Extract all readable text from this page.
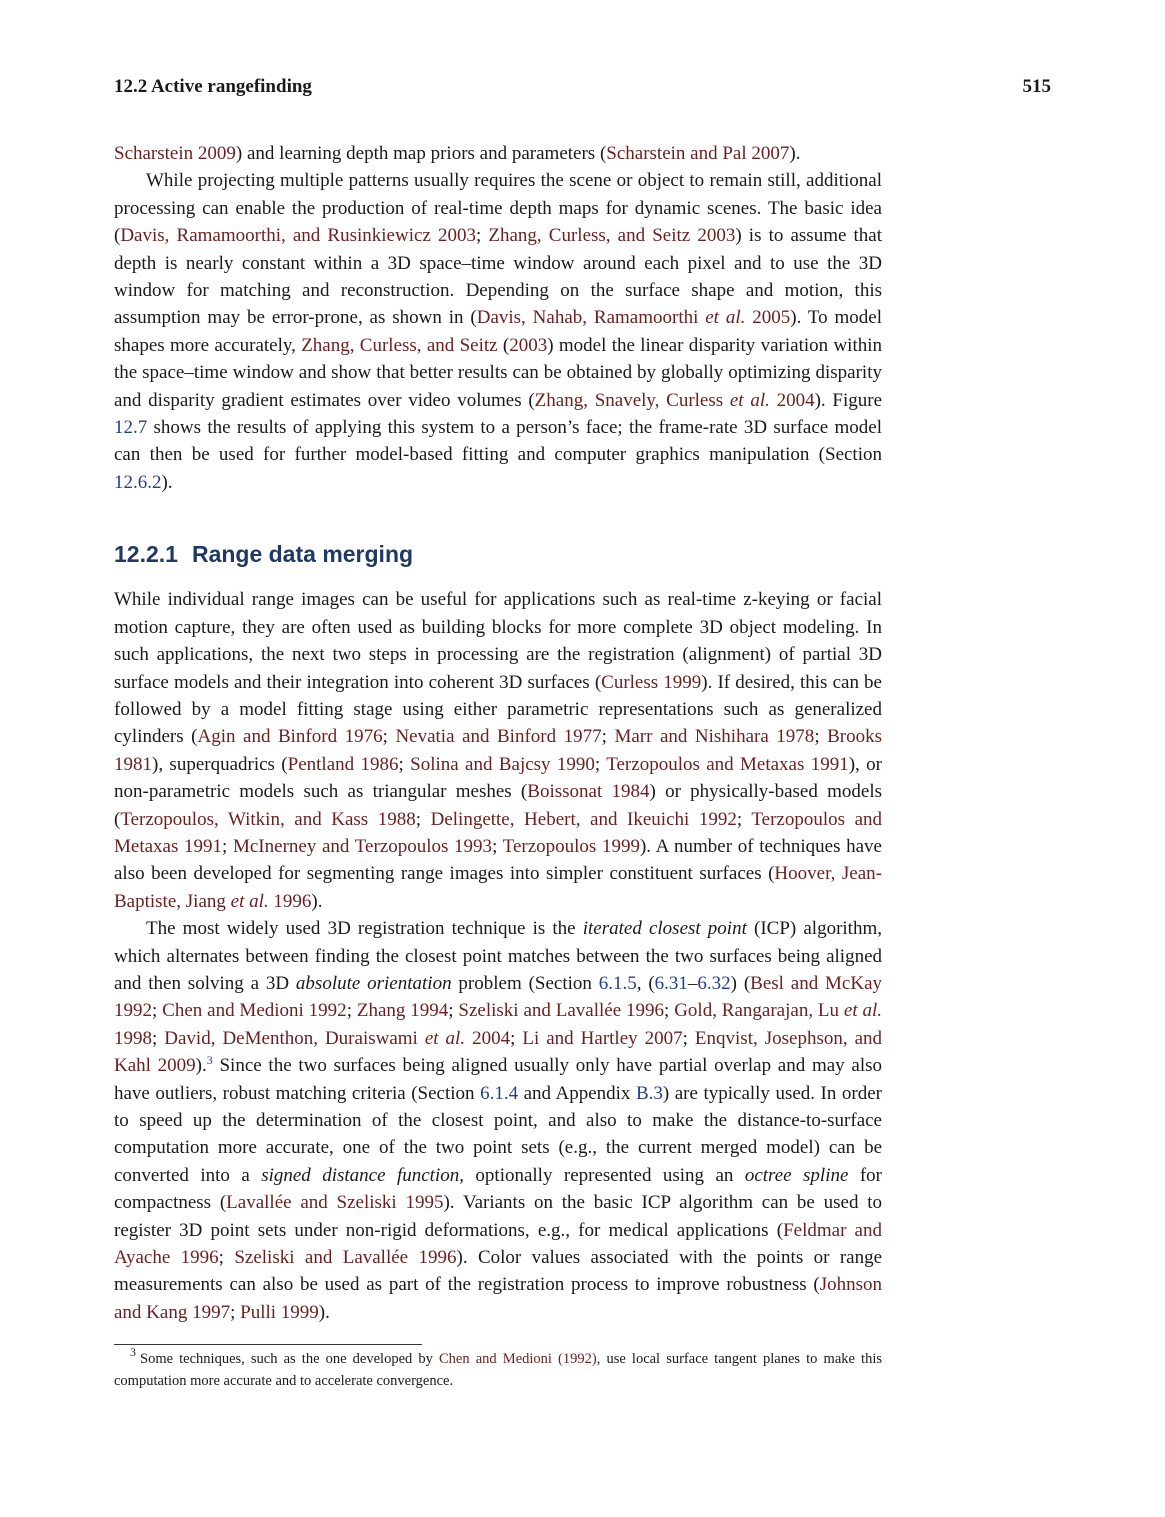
12.2 Active rangefinding	515

Scharstein 2009) and learning depth map priors and parameters (Scharstein and Pal 2007).

While projecting multiple patterns usually requires the scene or object to remain still, additional processing can enable the production of real-time depth maps for dynamic scenes. The basic idea (Davis, Ramamoorthi, and Rusinkiewicz 2003; Zhang, Curless, and Seitz 2003) is to assume that depth is nearly constant within a 3D space–time window around each pixel and to use the 3D window for matching and reconstruction. Depending on the surface shape and motion, this assumption may be error-prone, as shown in (Davis, Nahab, Ramamoorthi et al. 2005). To model shapes more accurately, Zhang, Curless, and Seitz (2003) model the linear disparity variation within the space–time window and show that better results can be obtained by globally optimizing disparity and disparity gradient estimates over video volumes (Zhang, Snavely, Curless et al. 2004). Figure 12.7 shows the results of applying this system to a person’s face; the frame-rate 3D surface model can then be used for further model-based fitting and computer graphics manipulation (Section 12.6.2).

12.2.1 Range data merging

While individual range images can be useful for applications such as real-time z-keying or facial motion capture, they are often used as building blocks for more complete 3D object modeling. In such applications, the next two steps in processing are the registration (alignment) of partial 3D surface models and their integration into coherent 3D surfaces (Curless 1999). If desired, this can be followed by a model fitting stage using either parametric representations such as generalized cylinders (Agin and Binford 1976; Nevatia and Binford 1977; Marr and Nishihara 1978; Brooks 1981), superquadrics (Pentland 1986; Solina and Bajcsy 1990; Terzopoulos and Metaxas 1991), or non-parametric models such as triangular meshes (Boissonat 1984) or physically-based models (Terzopoulos, Witkin, and Kass 1988; Delingette, Hebert, and Ikeuichi 1992; Terzopoulos and Metaxas 1991; McInerney and Terzopoulos 1993; Terzopoulos 1999). A number of techniques have also been developed for segmenting range images into simpler constituent surfaces (Hoover, Jean-Baptiste, Jiang et al. 1996).

The most widely used 3D registration technique is the iterated closest point (ICP) algorithm, which alternates between finding the closest point matches between the two surfaces being aligned and then solving a 3D absolute orientation problem (Section 6.1.5, (6.31–6.32) (Besl and McKay 1992; Chen and Medioni 1992; Zhang 1994; Szeliski and Lavallée 1996; Gold, Rangarajan, Lu et al. 1998; David, DeMenthon, Duraiswami et al. 2004; Li and Hartley 2007; Enqvist, Josephson, and Kahl 2009).$^3$ Since the two surfaces being aligned usually only have partial overlap and may also have outliers, robust matching criteria (Section 6.1.4 and Appendix B.3) are typically used. In order to speed up the determination of the closest point, and also to make the distance-to-surface computation more accurate, one of the two point sets (e.g., the current merged model) can be converted into a signed distance function, optionally represented using an octree spline for compactness (Lavallée and Szeliski 1995). Variants on the basic ICP algorithm can be used to register 3D point sets under non-rigid deformations, e.g., for medical applications (Feldmar and Ayache 1996; Szeliski and Lavallée 1996). Color values associated with the points or range measurements can also be used as part of the registration process to improve robustness (Johnson and Kang 1997; Pulli 1999).

$^3$ Some techniques, such as the one developed by Chen and Medioni (1992), use local surface tangent planes to make this computation more accurate and to accelerate convergence.
